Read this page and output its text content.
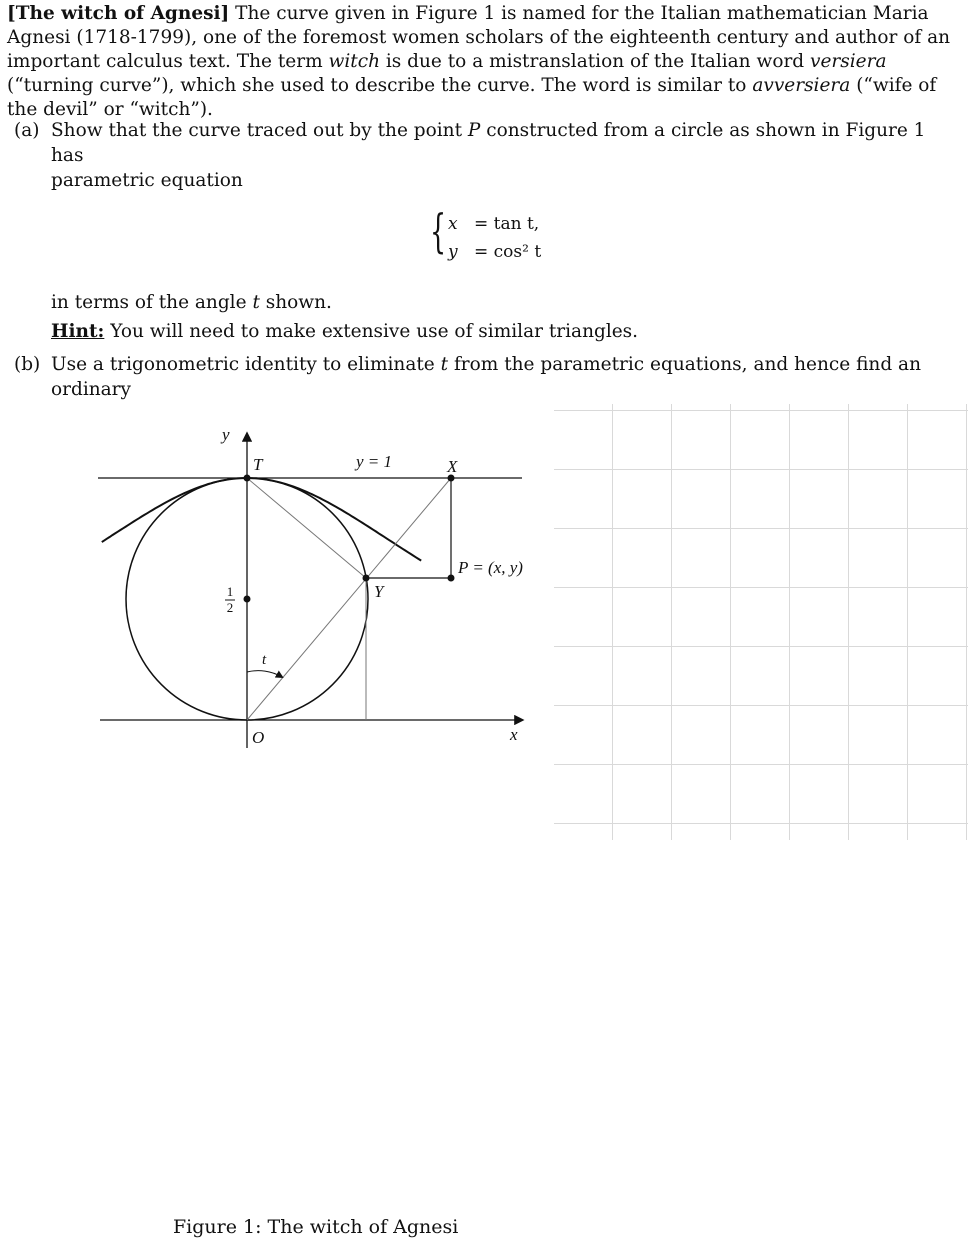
[The witch of Agnesi] The curve given in Figure 1 is named for the Italian mathematician Maria Agnesi (1718-1799), one of the foremost women scholars of the eighteenth century and author of an important calculus text. The term witch is due to a mistranslation of the Italian word versiera (“turning curve”), which she used to describe the curve. The word is similar to avversiera (“wife of the devil” or “witch”).

(a) Show that the curve traced out by the point P constructed from a circle as shown in Figure 1 has
parametric equation
{ x = tan t,
y = cos² t
in terms of the angle t shown.
Hint: You will need to make extensive use of similar triangles.
(b) Use a trigonometric identity to eliminate t from the parametric equations, and hence find an ordinary
y
x
T	X
Y
O
P = (x, y)
y = 1
t
1
2
Figure 1: The witch of Agnesi
